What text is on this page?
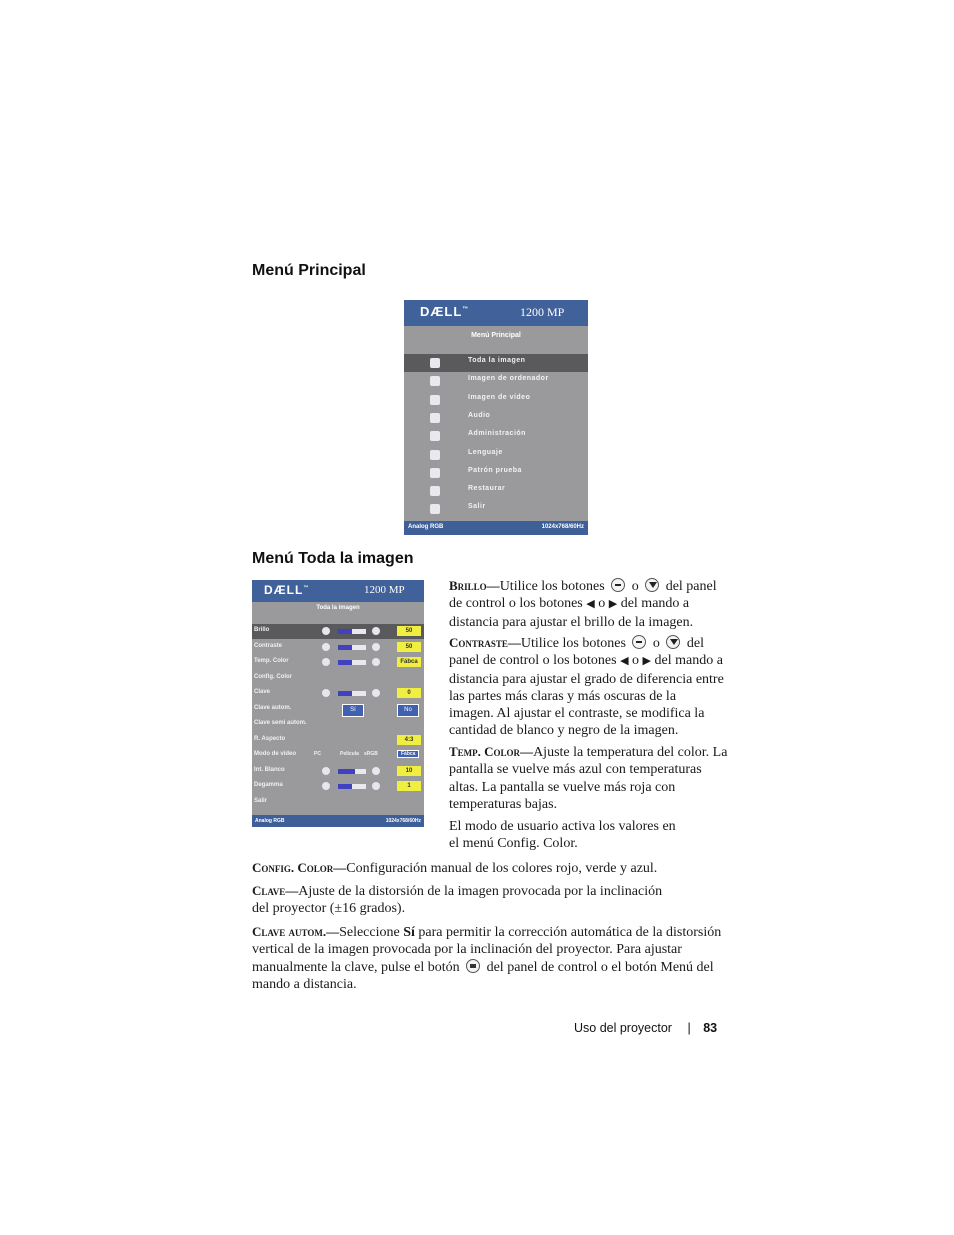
Menú Principal
Menú Toda la imagen
DÆLL™	1200 MP
Menú Principal
Toda la imagen
Imagen de ordenador
Imagen de vídeo
Audio
Administración
Lenguaje
Patrón prueba
Restaurar
Salir
Analog RGB	1024x768/60Hz
DÆLL™	1200 MP
Toda la imagen
Brillo	50
Contraste	50
Temp. Color	Fábca
Config. Color
Clave	0
Clave autom.	Sí	No
Clave semi autom.
R. Aspecto	4:3
Modo de vídeo	PC	Película sRGB	Fábca
Int. Blanco	10
Degamma	1
Salir
Analog RGB	1024x768/60Hz

Brillo—Utilice los botones o del panel de control o los botones ◀ o ▶ del mando a distancia para ajustar el brillo de la imagen.

Contraste—Utilice los botones o del panel de control o los botones ◀ o ▶ del mando a distancia para ajustar el grado de diferencia entre las partes más claras y más oscuras de la imagen. Al ajustar el contraste, se modifica la cantidad de blanco y negro de la imagen.

Temp. Color—Ajuste la temperatura del color. La pantalla se vuelve más azul con temperaturas altas. La pantalla se vuelve más roja con temperaturas bajas.

El modo de usuario activa los valores en el menú Config. Color.

Config. Color—Configuración manual de los colores rojo, verde y azul.

Clave—Ajuste de la distorsión de la imagen provocada por la inclinación del proyector (±16 grados).

Clave autom.—Seleccione Sí para permitir la corrección automática de la distorsión vertical de la imagen provocada por la inclinación del proyector. Para ajustar manualmente la clave, pulse el botón del panel de control o el botón Menú del mando a distancia.

Uso del proyector | 83
